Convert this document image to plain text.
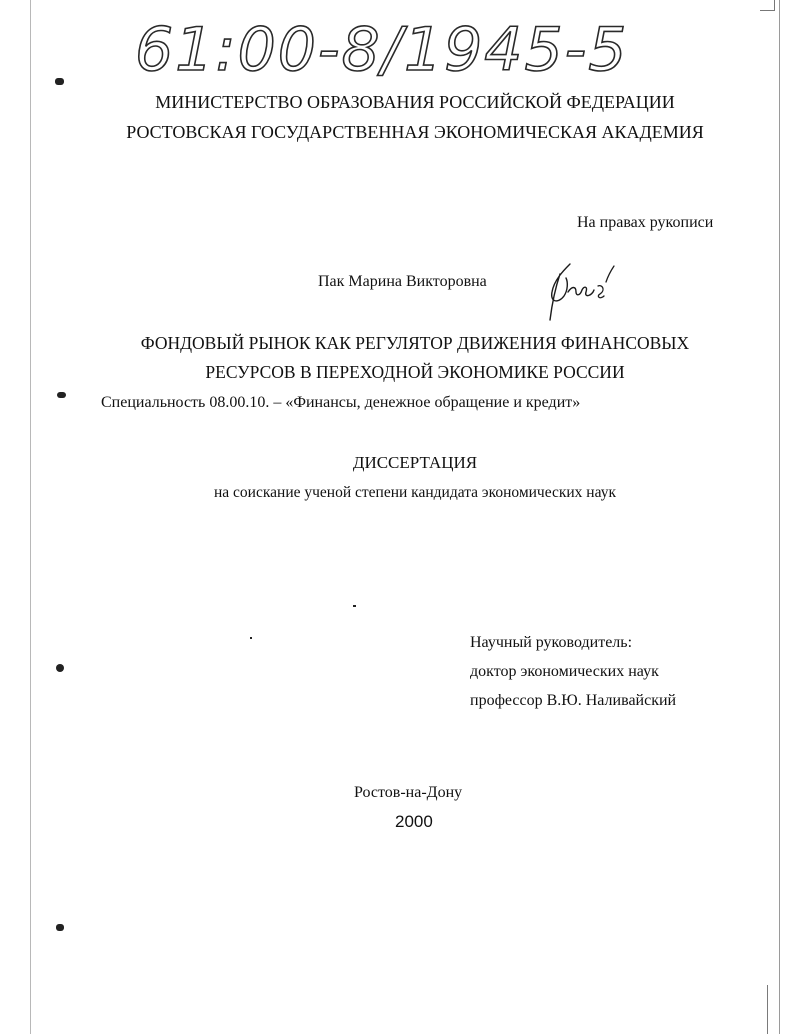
61:00-8/1945-5
МИНИСТЕРСТВО ОБРАЗОВАНИЯ РОССИЙСКОЙ ФЕДЕРАЦИИ
РОСТОВСКАЯ ГОСУДАРСТВЕННАЯ ЭКОНОМИЧЕСКАЯ АКАДЕМИЯ
На правах рукописи
Пак Марина Викторовна
ФОНДОВЫЙ РЫНОК КАК РЕГУЛЯТОР ДВИЖЕНИЯ ФИНАНСОВЫХ
РЕСУРСОВ В ПЕРЕХОДНОЙ ЭКОНОМИКЕ РОССИИ
Специальность 08.00.10. – «Финансы, денежное обращение и кредит»
ДИССЕРТАЦИЯ
на соискание ученой степени кандидата экономических наук
Научный руководитель:
доктор экономических наук
профессор В.Ю. Наливайский
Ростов-на-Дону
2000
